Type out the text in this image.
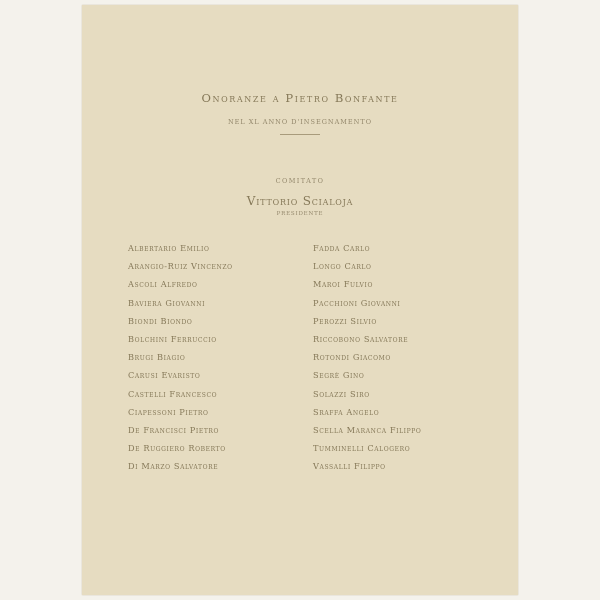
Onoranze a Pietro Bonfante
NEL XL ANNO D'INSEGNAMENTO
COMITATO
Vittorio Scialoja
PRESIDENTE
Albertario Emilio
Arangio-Ruiz Vincenzo
Ascoli Alfredo
Baviera Giovanni
Biondi Biondo
Bolchini Ferruccio
Brugi Biagio
Carusi Evaristo
Castelli Francesco
Ciapessoni Pietro
De Francisci Pietro
De Ruggiero Roberto
Di Marzo Salvatore
Fadda Carlo
Longo Carlo
Maroi Fulvio
Pacchioni Giovanni
Perozzi Silvio
Riccobono Salvatore
Rotondi Giacomo
Segrè Gino
Solazzi Siro
Sraffa Angelo
Scella Maranca Filippo
Tumminelli Calogero
Vassalli Filippo
